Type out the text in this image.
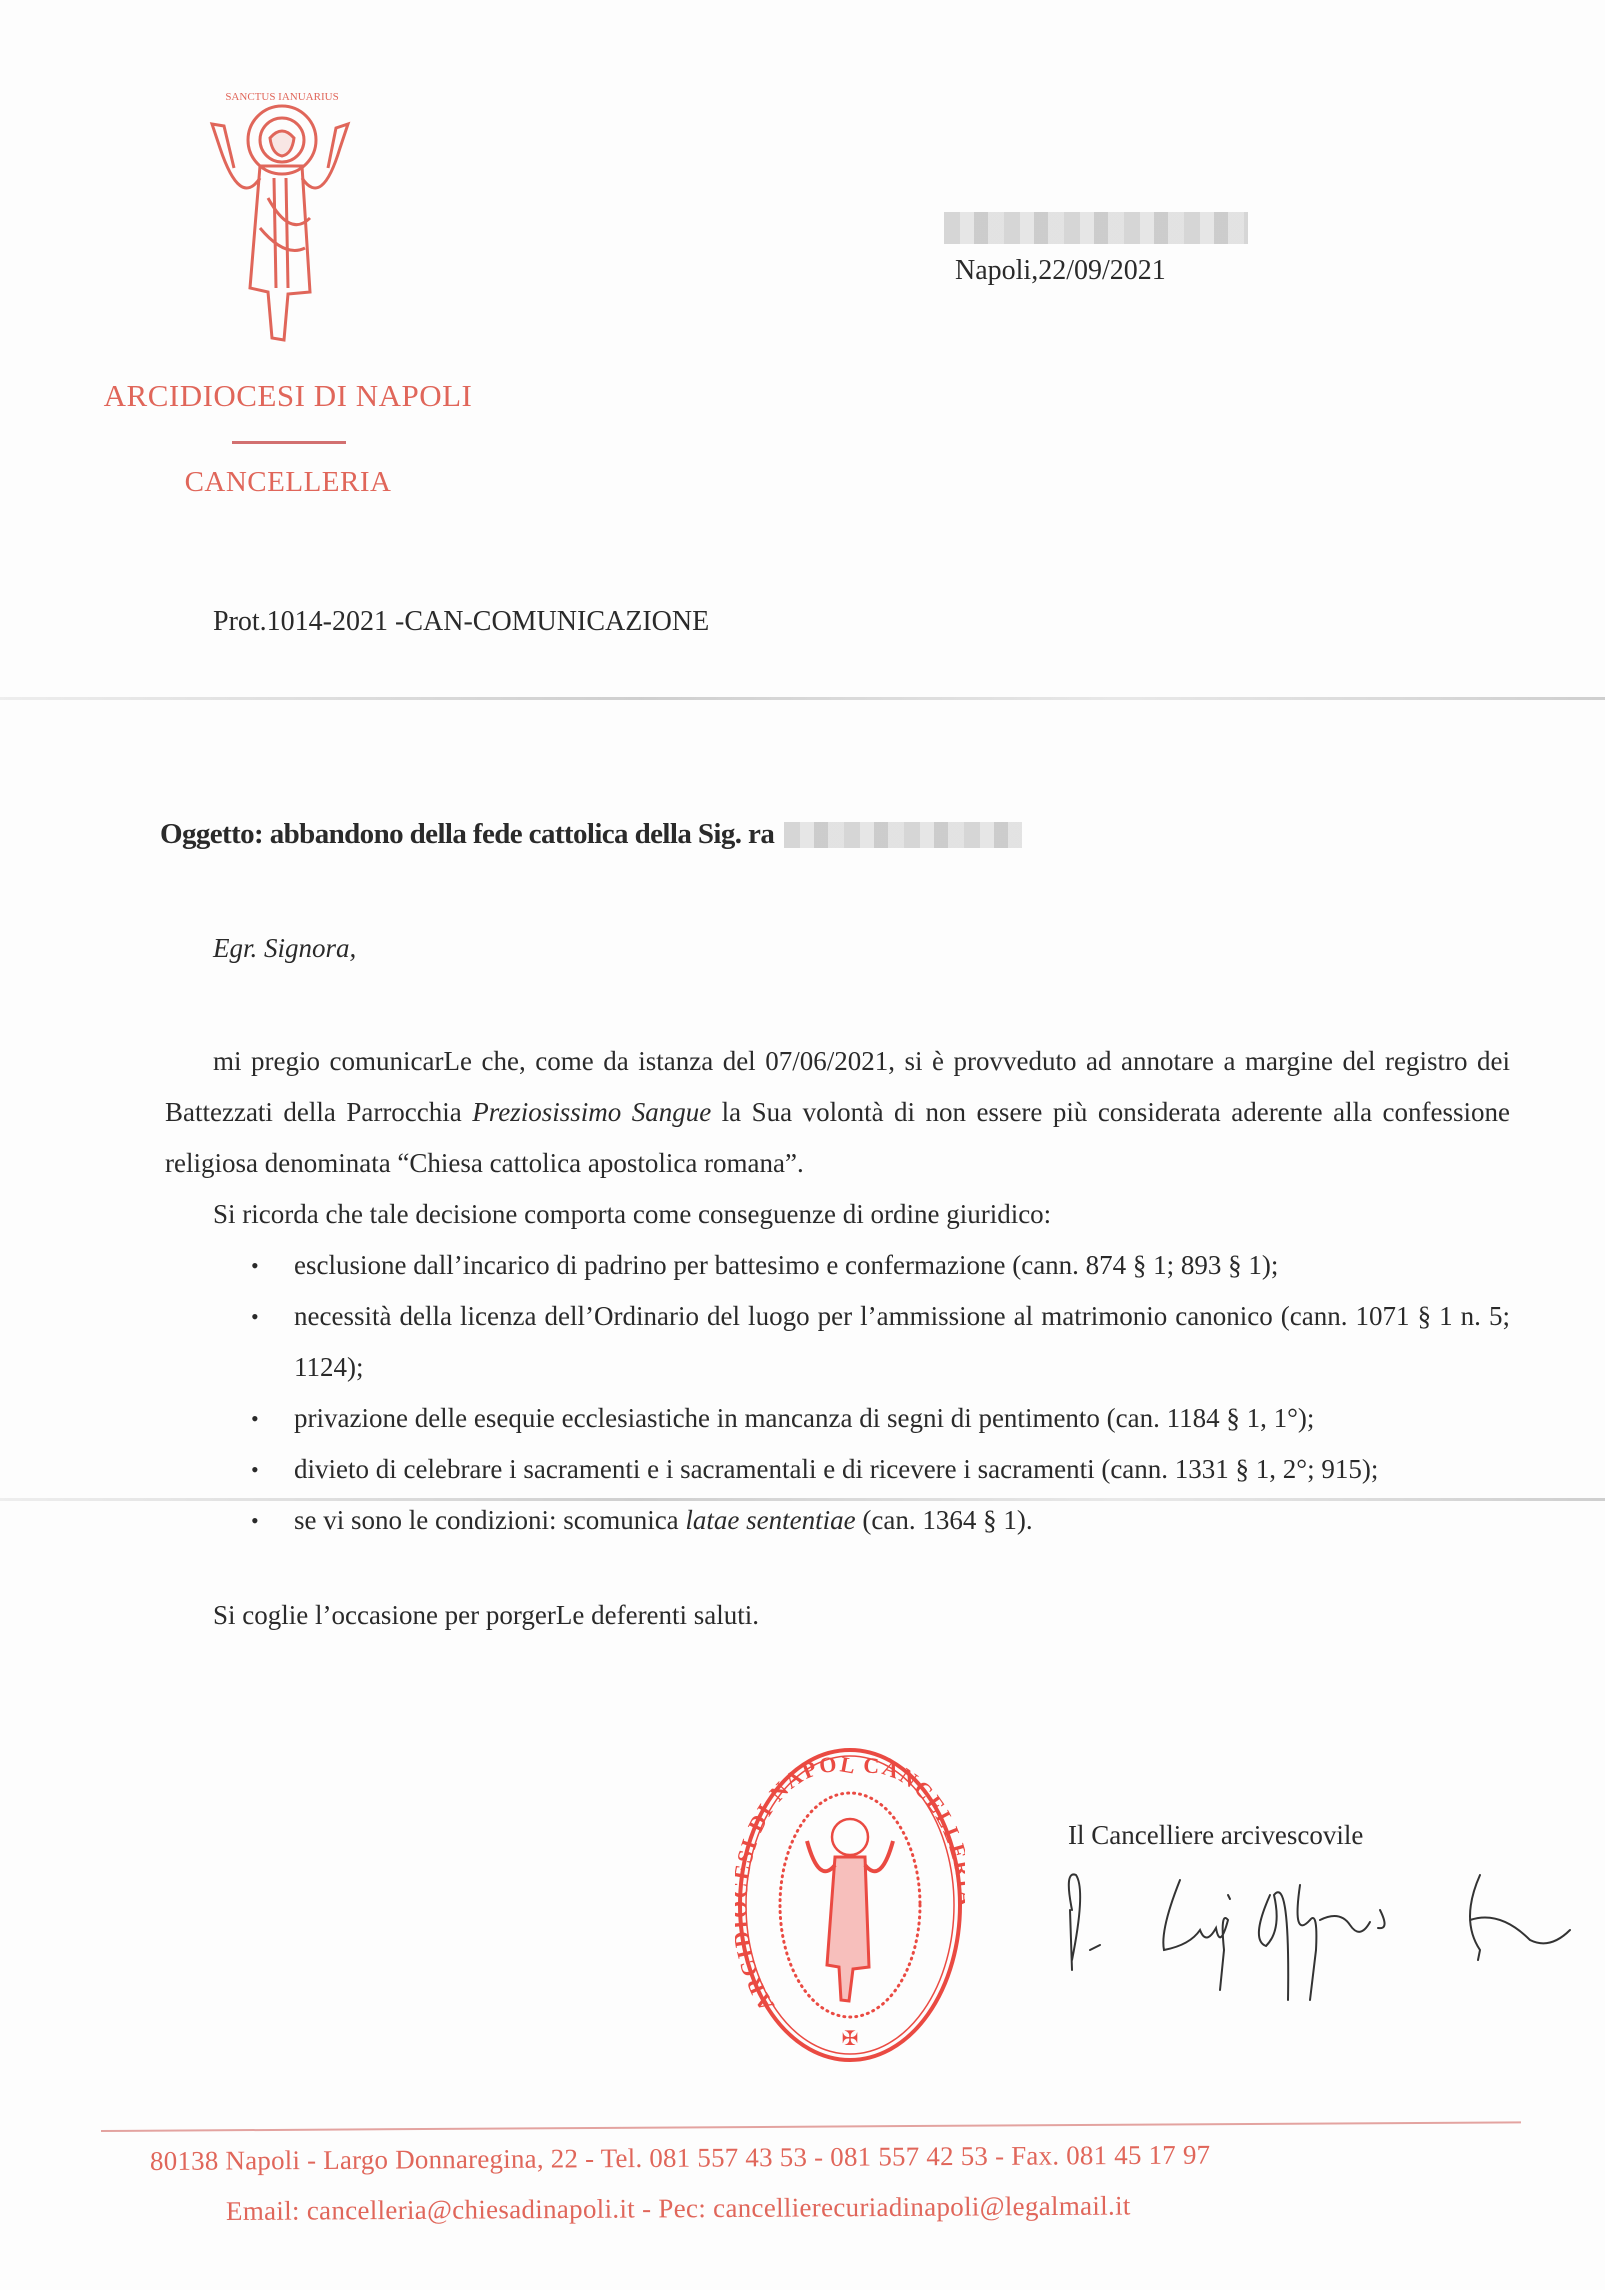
SANCTUS IANUARIUS
ARCIDIOCESI DI NAPOLI
CANCELLERIA
Napoli,22/09/2021
Prot.1014-2021 -CAN-COMUNICAZIONE
Oggetto: abbandono della fede cattolica della Sig. ra
Egr. Signora,

mi pregio comunicarLe che, come da istanza del 07/06/2021, si è provveduto ad annotare a margine del registro dei Battezzati della Parrocchia Preziosissimo Sangue la Sua volontà di non essere più considerata aderente alla confessione religiosa denominata “Chiesa cattolica apostolica romana”.

Si ricorda che tale decisione comporta come conseguenze di ordine giuridico:

• esclusione dall’incarico di padrino per battesimo e confermazione (cann. 874 § 1; 893 § 1);
• necessità della licenza dell’Ordinario del luogo per l’ammissione al matrimonio canonico (cann. 1071 § 1 n. 5; 1124);
• privazione delle esequie ecclesiastiche in mancanza di segni di pentimento (can. 1184 § 1, 1°);
• divieto di celebrare i sacramenti e i sacramentali e di ricevere i sacramenti (cann. 1331 § 1, 2°; 915);
• se vi sono le condizioni: scomunica latae sententiae (can. 1364 § 1).

Si coglie l’occasione per porgerLe deferenti saluti.

ARC I DI NAPOL CANCELL
✠
Il Cancelliere arcivescovile
80138 Napoli - Largo Donnaregina, 22 - Tel. 081 557 43 53 - 081 557 42 53 - Fax. 081 45 17 97
Email: cancelleria@chiesadinapoli.it - Pec: cancellierecuriadinapoli@legalmail.it
